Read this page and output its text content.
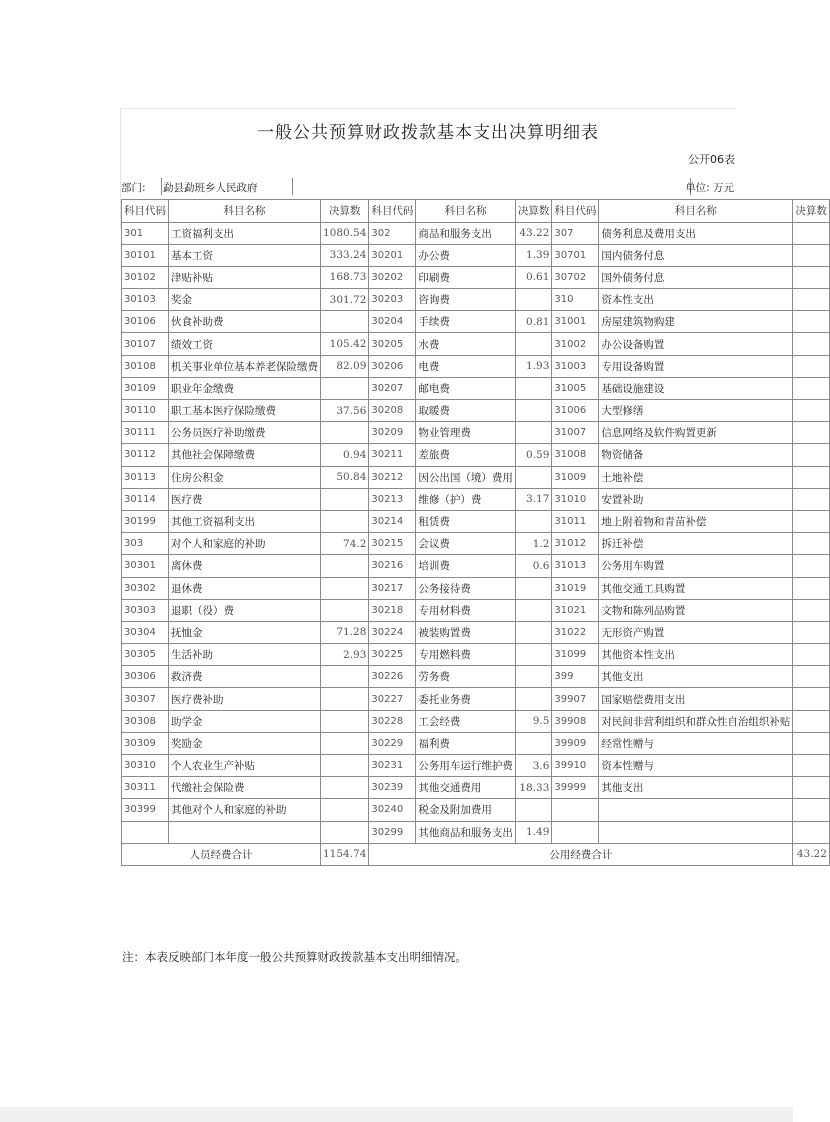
一般公共预算财政拨款基本支出决算明细表
公开06表
部门: 勐县勐班乡人民政府	单位: 万元
科目代码	科目名称	决算数	科目代码	科目名称	决算数	科目代码	科目名称	决算数
301	工资福利支出	1080.54	302	商品和服务支出	43.22	307	债务利息及费用支出	
30101	基本工资	333.24	30201	办公费	1.39	30701	国内债务付息	
30102	津贴补贴	168.73	30202	印刷费	0.61	30702	国外债务付息	
30103	奖金	301.72	30203	咨询费		310	资本性支出	
30106	伙食补助费		30204	手续费	0.81	31001	房屋建筑物购建	
30107	绩效工资	105.42	30205	水费		31002	办公设备购置	
30108	机关事业单位基本养老保险缴费	82.09	30206	电费	1.93	31003	专用设备购置	
30109	职业年金缴费		30207	邮电费		31005	基础设施建设	
30110	职工基本医疗保险缴费	37.56	30208	取暖费		31006	大型修缮	
30111	公务员医疗补助缴费		30209	物业管理费		31007	信息网络及软件购置更新	
30112	其他社会保障缴费	0.94	30211	差旅费	0.59	31008	物资储备	
30113	住房公积金	50.84	30212	因公出国（境）费用		31009	土地补偿	
30114	医疗费		30213	维修（护）费	3.17	31010	安置补助	
30199	其他工资福利支出		30214	租赁费		31011	地上附着物和青苗补偿	
303	对个人和家庭的补助	74.2	30215	会议费	1.2	31012	拆迁补偿	
30301	离休费		30216	培训费	0.6	31013	公务用车购置	
30302	退休费		30217	公务接待费		31019	其他交通工具购置	
30303	退职（役）费		30218	专用材料费		31021	文物和陈列品购置	
30304	抚恤金	71.28	30224	被装购置费		31022	无形资产购置	
30305	生活补助	2.93	30225	专用燃料费		31099	其他资本性支出	
30306	救济费		30226	劳务费		399	其他支出	
30307	医疗费补助		30227	委托业务费		39907	国家赔偿费用支出	
30308	助学金		30228	工会经费	9.5	39908	对民间非营利组织和群众性自治组织补贴	
30309	奖励金		30229	福利费		39909	经常性赠与	
30310	个人农业生产补贴		30231	公务用车运行维护费	3.6	39910	资本性赠与	
30311	代缴社会保险费		30239	其他交通费用	18.33	39999	其他支出	
30399	其他对个人和家庭的补助		30240	税金及附加费用				
			30299	其他商品和服务支出	1.49			
人员经费合计		1154.74	公用经费合计					43.22
注：本表反映部门本年度一般公共预算财政拨款基本支出明细情况。
